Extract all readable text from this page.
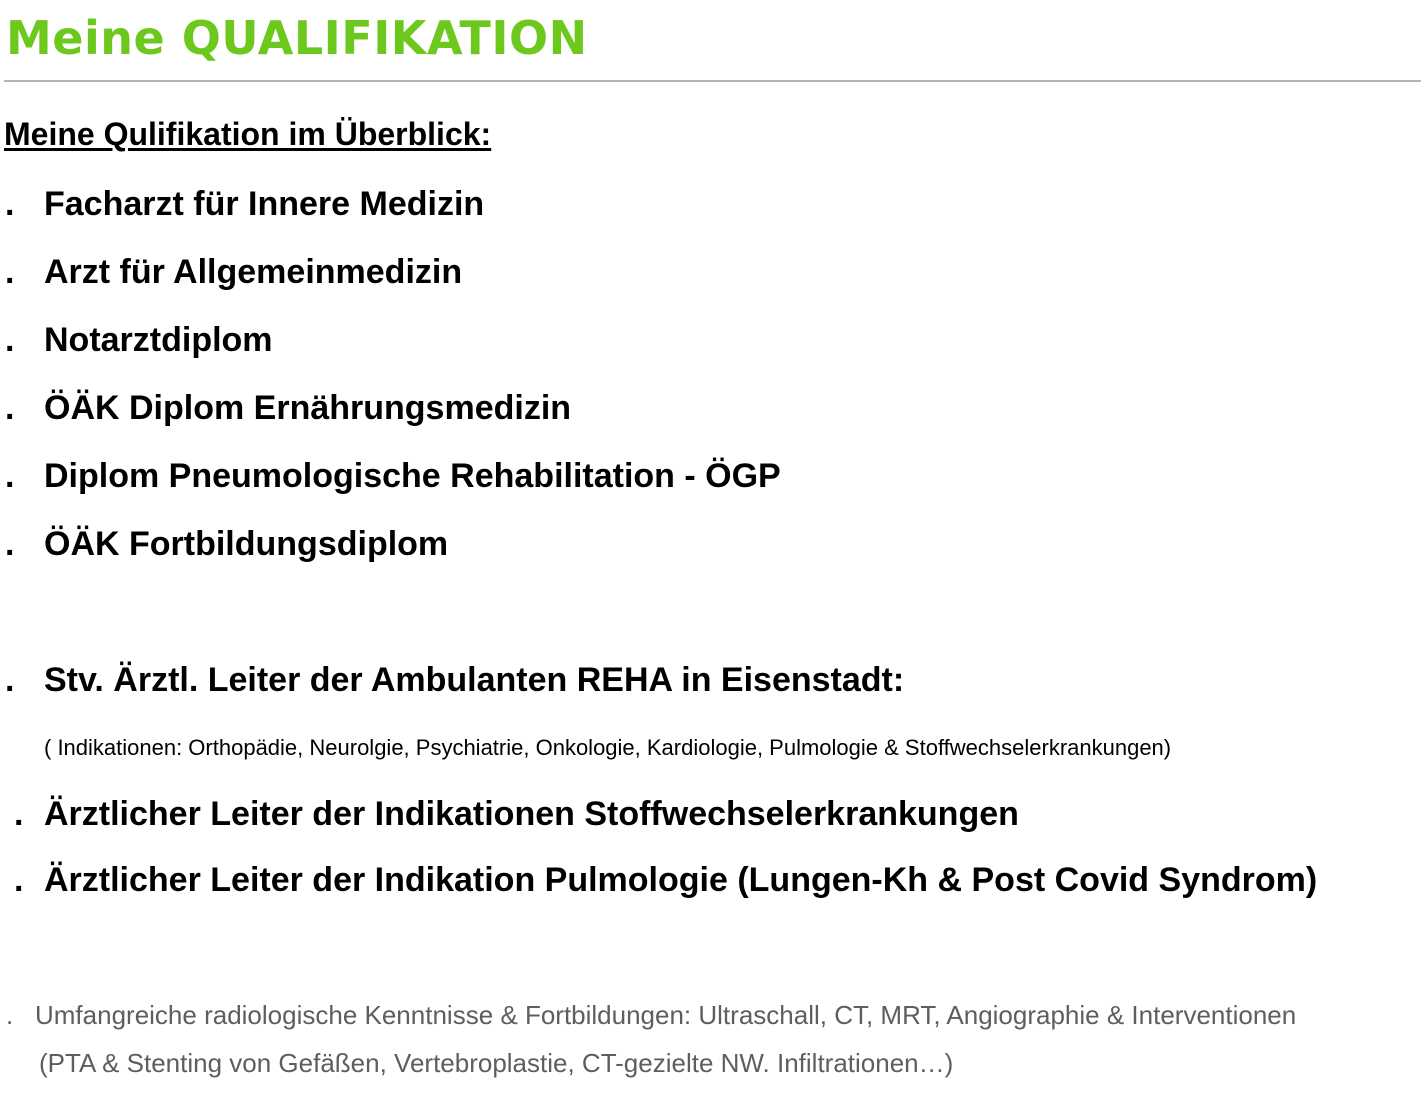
Meine QUALIFIKATION
Meine Qulifikation im Überblick:
. Facharzt für Innere Medizin
. Arzt für Allgemeinmedizin
. Notarztdiplom
. ÖÄK Diplom Ernährungsmedizin
. Diplom Pneumologische Rehabilitation - ÖGP
. ÖÄK Fortbildungsdiplom
. Stv. Ärztl. Leiter der Ambulanten REHA in Eisenstadt:
( Indikationen: Orthopädie, Neurolgie, Psychiatrie, Onkologie, Kardiologie, Pulmologie & Stoffwechselerkrankungen)
. Ärztlicher Leiter der Indikationen Stoffwechselerkrankungen
. Ärztlicher Leiter der Indikation Pulmologie (Lungen-Kh & Post Covid Syndrom)
. Umfangreiche radiologische Kenntnisse & Fortbildungen: Ultraschall, CT, MRT, Angiographie & Interventionen
(PTA & Stenting von Gefäßen, Vertebroplastie, CT-gezielte NW. Infiltrationen…)
